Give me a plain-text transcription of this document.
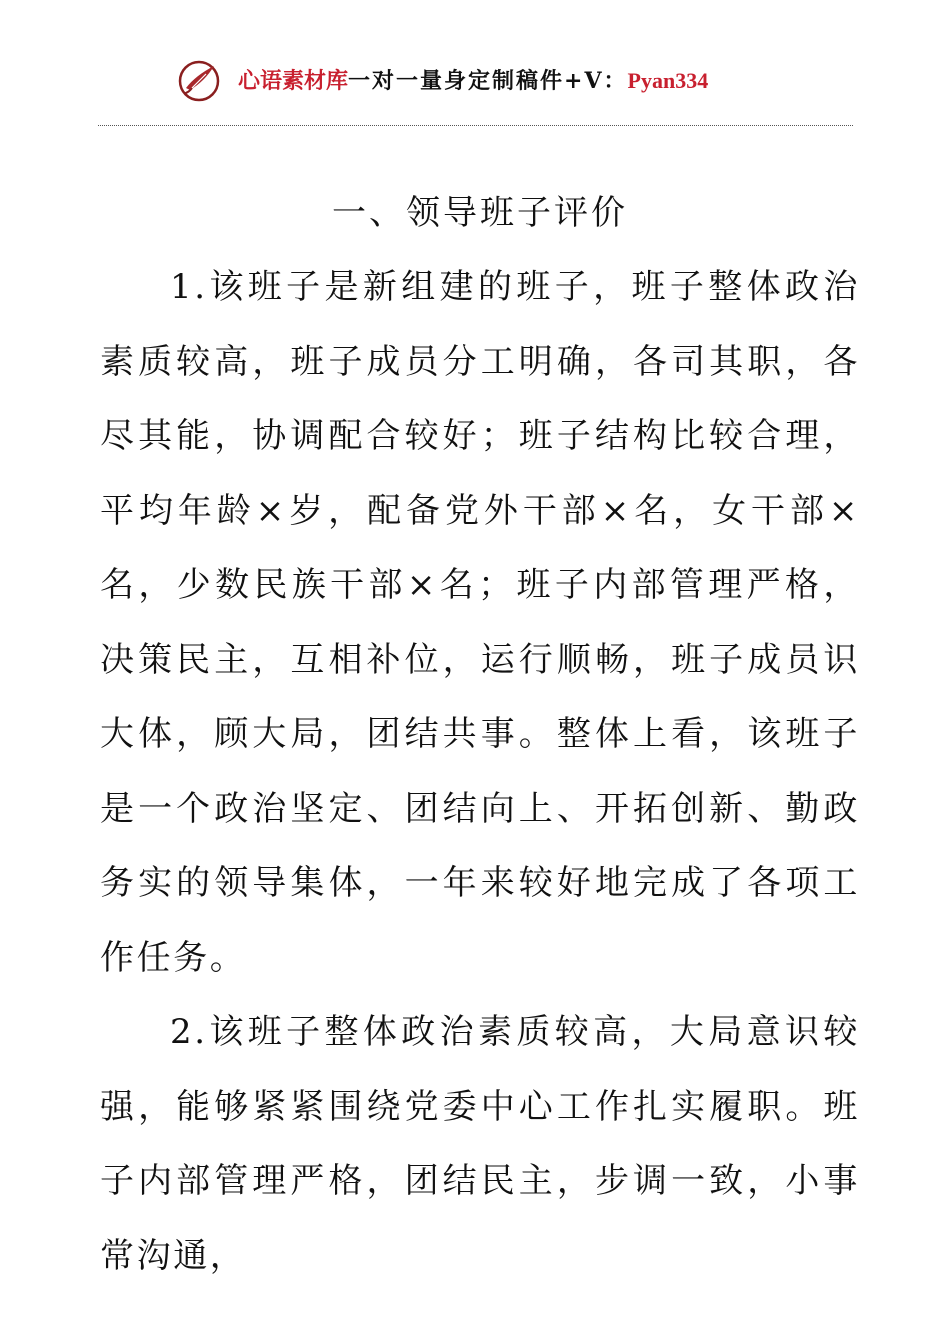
心语素材库一对一量身定制稿件+V：Pyan334
一、领导班子评价

1.该班子是新组建的班子，班子整体政治素质较高，班子成员分工明确，各司其职，各尽其能，协调配合较好；班子结构比较合理，平均年龄×岁，配备党外干部×名，女干部×名，少数民族干部×名；班子内部管理严格，决策民主，互相补位，运行顺畅，班子成员识大体，顾大局，团结共事。整体上看，该班子是一个政治坚定、团结向上、开拓创新、勤政务实的领导集体，一年来较好地完成了各项工作任务。

2.该班子整体政治素质较高，大局意识较强，能够紧紧围绕党委中心工作扎实履职。班子内部管理严格，团结民主，步调一致，小事常沟通，
